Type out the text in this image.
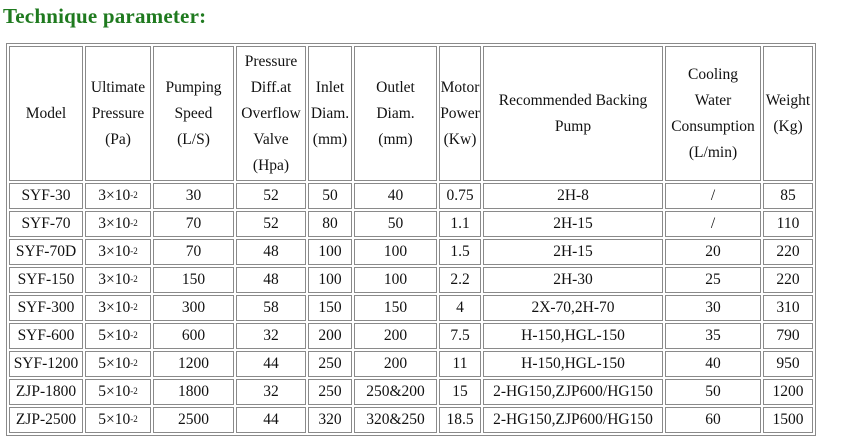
Technique parameter:
Model	Ultimate
Pressure
(Pa)	Pumping
Speed
(L/S)	Pressure
Diff.at
Overflow
Valve
(Hpa)	Inlet
Diam.
(mm)	Outlet
Diam.
(mm)	Motor
Power
(Kw)	Recommended Backing
Pump	Cooling
Water
Consumption
(L/min)	Weight
(Kg)

SYF-30	$3\times 10^{-2}$	30	52	50	40	0.75	2H-8	/	85
SYF-70	$3\times 10^{-2}$	70	52	80	50	1.1	2H-15	/	110
SYF-70D	$3\times 10^{-2}$	70	48	100	100	1.5	2H-15	20	220
SYF-150	$3\times 10^{-2}$	150	48	100	100	2.2	2H-30	25	220
SYF-300	$3\times 10^{-2}$	300	58	150	150	4	2X-70,2H-70	30	310
SYF-600	$5\times 10^{-2}$	600	32	200	200	7.5	H-150,HGL-150	35	790
SYF-1200	$5\times 10^{-2}$	1200	44	250	200	11	H-150,HGL-150	40	950
ZJP-1800	$5\times 10^{-2}$	1800	32	250	250&200	15	2-HG150,ZJP600/HG150	50	1200
ZJP-2500	$5\times 10^{-2}$	2500	44	320	320&250	18.5	2-HG150,ZJP600/HG150	60	1500
